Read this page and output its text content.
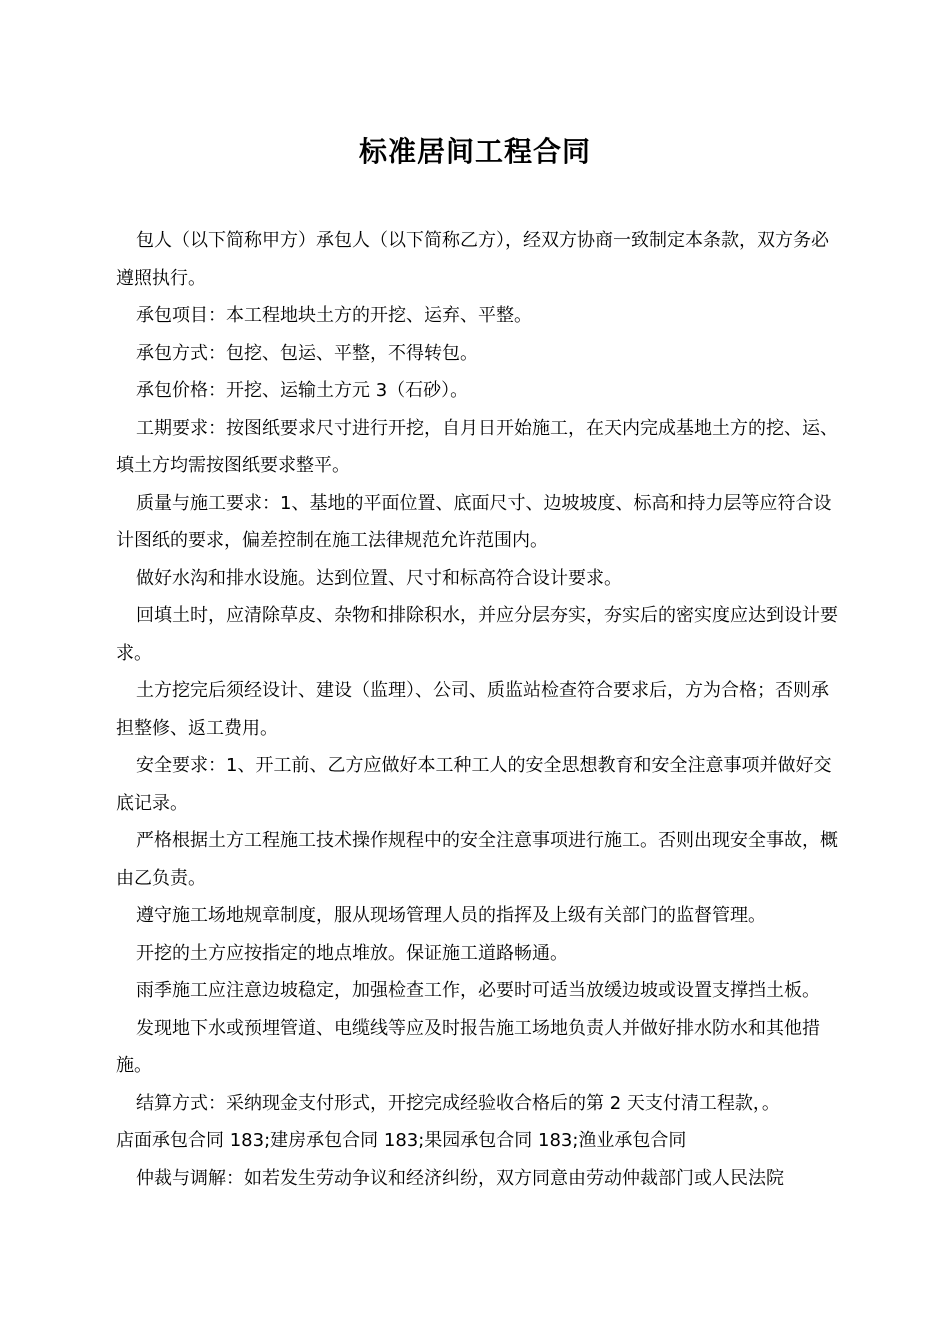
标准居间工程合同

包人（以下简称甲方）承包人（以下简称乙方），经双方协商一致制定本条款，双方务必遵照执行。

承包项目：本工程地块土方的开挖、运弃、平整。

承包方式：包挖、包运、平整，不得转包。

承包价格：开挖、运输土方元 3（石砂）。

工期要求：按图纸要求尺寸进行开挖，自月日开始施工，在天内完成基地土方的挖、运、填土方均需按图纸要求整平。

质量与施工要求：1、基地的平面位置、底面尺寸、边坡坡度、标高和持力层等应符合设计图纸的要求，偏差控制在施工法律规范允许范围内。

做好水沟和排水设施。达到位置、尺寸和标高符合设计要求。

回填土时，应清除草皮、杂物和排除积水，并应分层夯实，夯实后的密实度应达到设计要求。

土方挖完后须经设计、建设（监理）、公司、质监站检查符合要求后，方为合格；否则承担整修、返工费用。

安全要求：1、开工前、乙方应做好本工种工人的安全思想教育和安全注意事项并做好交底记录。

严格根据土方工程施工技术操作规程中的安全注意事项进行施工。否则出现安全事故，概由乙负责。

遵守施工场地规章制度，服从现场管理人员的指挥及上级有关部门的监督管理。

开挖的土方应按指定的地点堆放。保证施工道路畅通。

雨季施工应注意边坡稳定，加强检查工作，必要时可适当放缓边坡或设置支撑挡土板。

发现地下水或预埋管道、电缆线等应及时报告施工场地负责人并做好排水防水和其他措施。

结算方式：采纳现金支付形式，开挖完成经验收合格后的第 2 天支付清工程款，。

店面承包合同 183;建房承包合同 183;果园承包合同 183;渔业承包合同

仲裁与调解：如若发生劳动争议和经济纠纷，双方同意由劳动仲裁部门或人民法院
